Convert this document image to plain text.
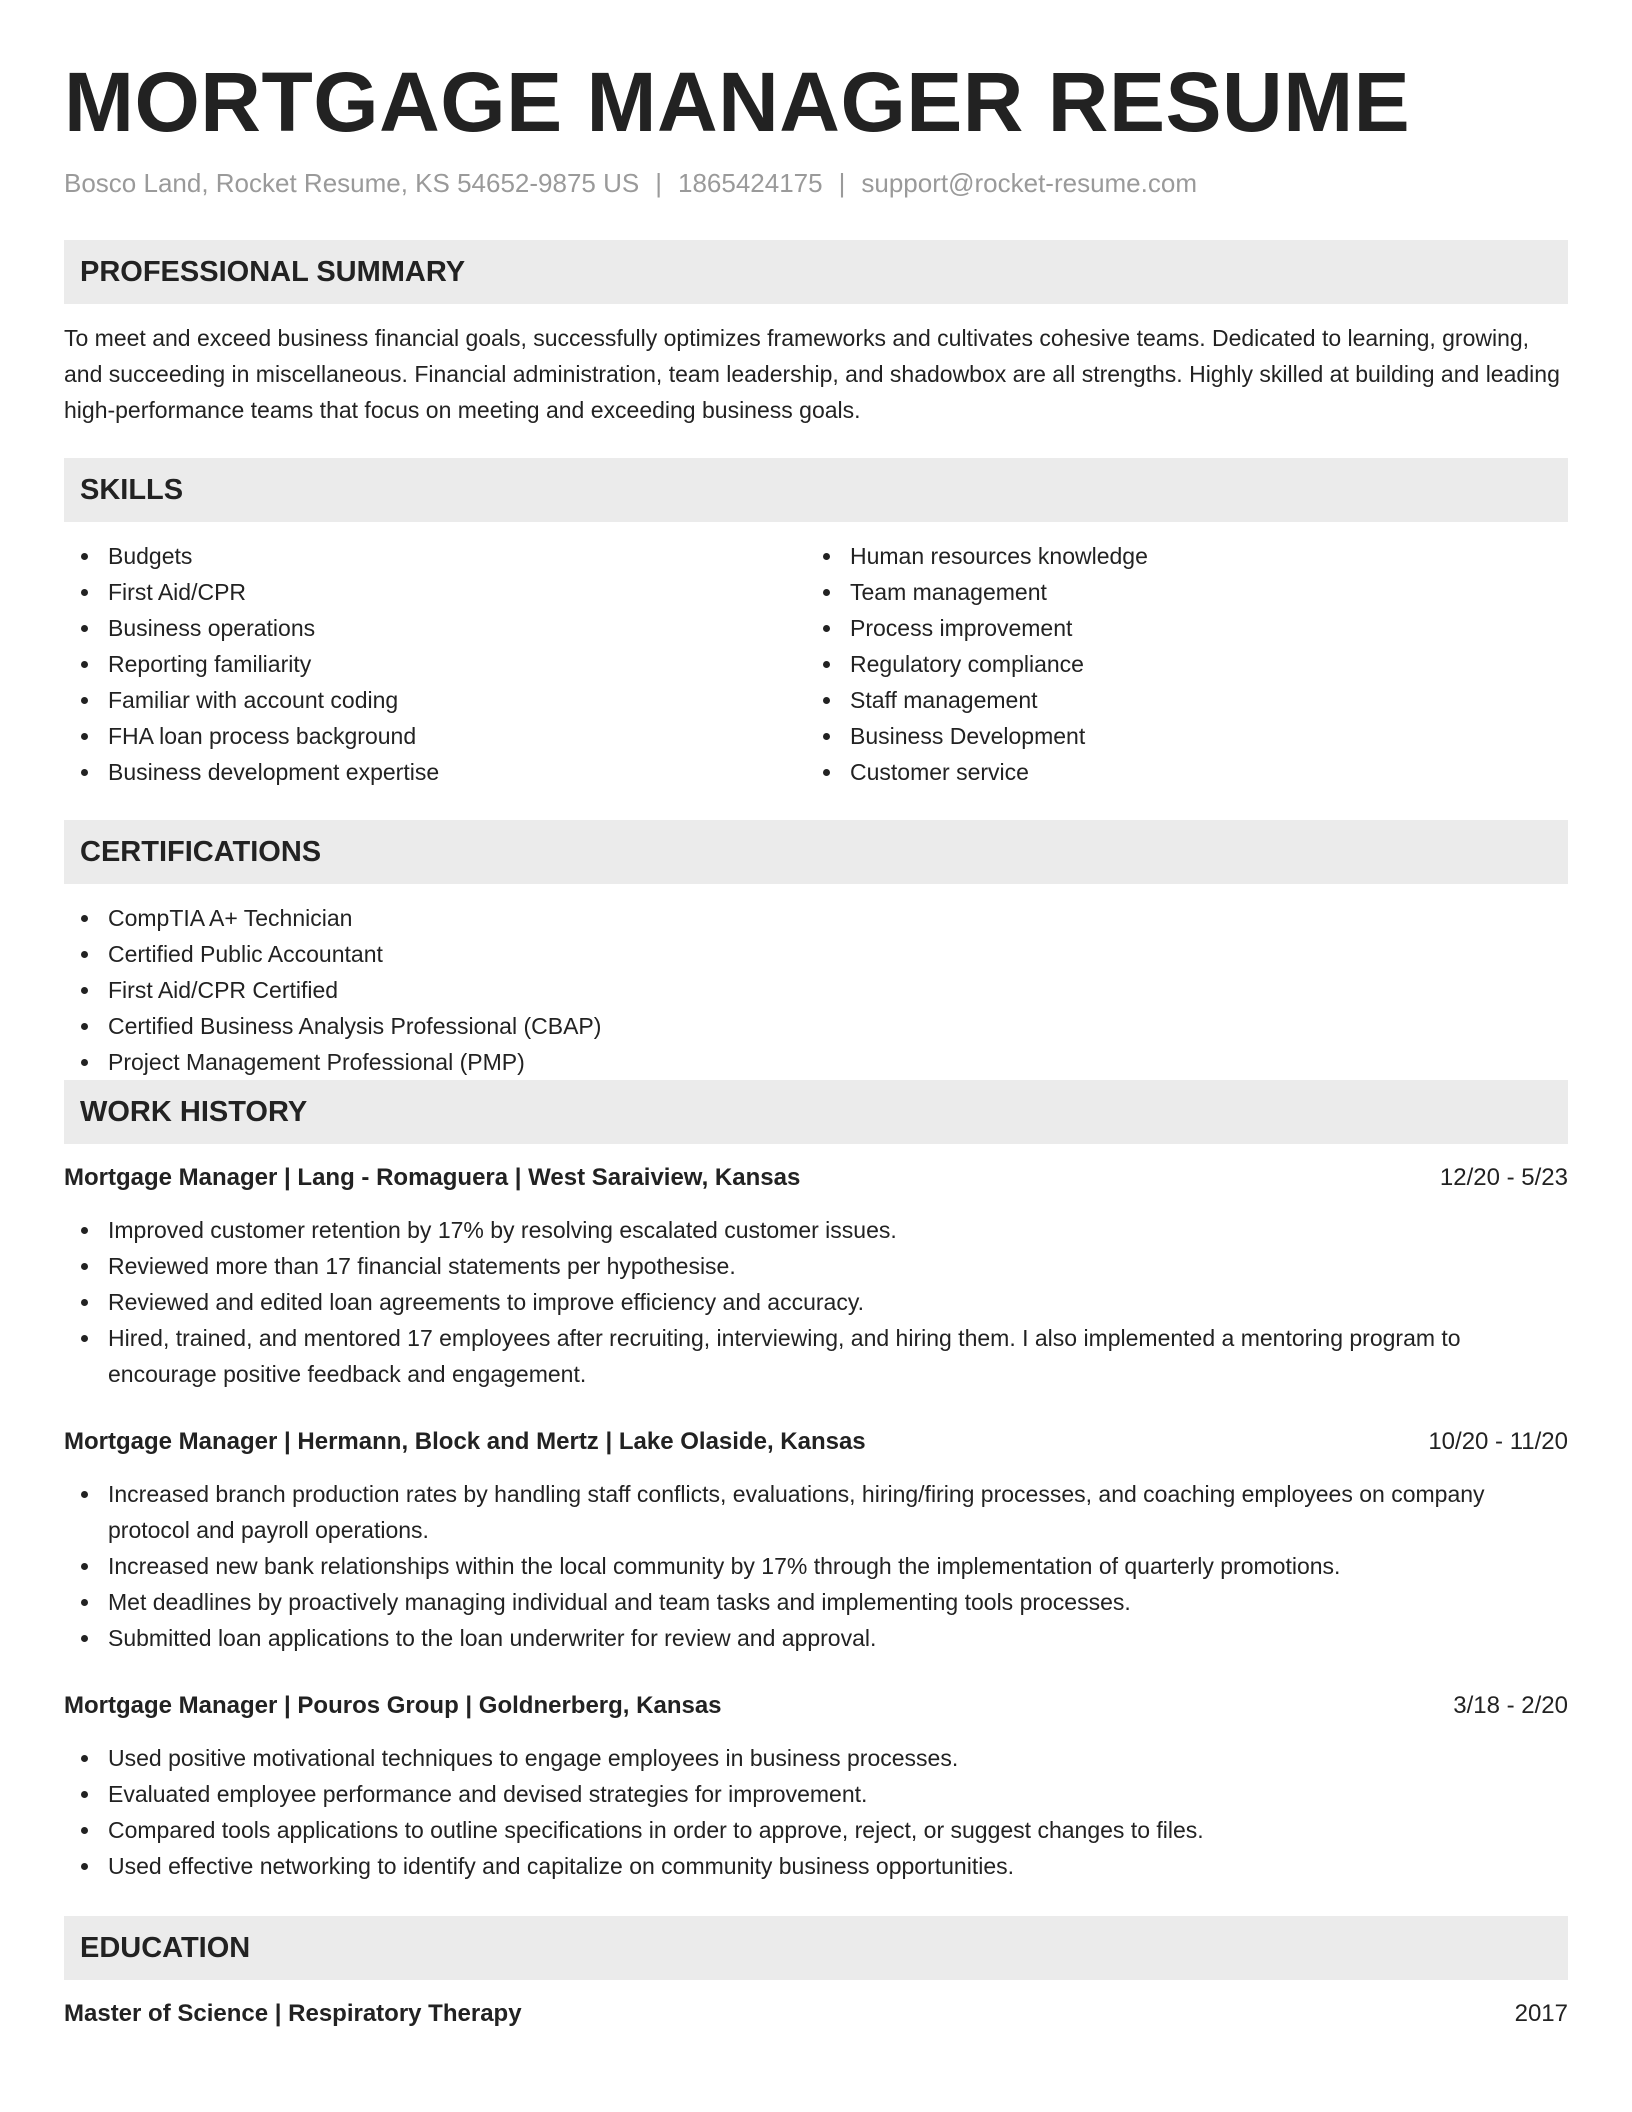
MORTGAGE MANAGER RESUME
Bosco Land, Rocket Resume, KS 54652-9875 US | 1865424175 | support@rocket-resume.com
PROFESSIONAL SUMMARY

To meet and exceed business financial goals, successfully optimizes frameworks and cultivates cohesive teams. Dedicated to learning, growing, and succeeding in miscellaneous. Financial administration, team leadership, and shadowbox are all strengths. Highly skilled at building and leading high-performance teams that focus on meeting and exceeding business goals.

SKILLS
Budgets
First Aid/CPR
Business operations
Reporting familiarity
Familiar with account coding
FHA loan process background
Business development expertise
Human resources knowledge
Team management
Process improvement
Regulatory compliance
Staff management
Business Development
Customer service
CERTIFICATIONS
CompTIA A+ Technician
Certified Public Accountant
First Aid/CPR Certified
Certified Business Analysis Professional (CBAP)
Project Management Professional (PMP)
WORK HISTORY
Mortgage Manager | Lang - Romaguera | West Saraiview, Kansas	12/20 - 5/23
Improved customer retention by 17% by resolving escalated customer issues.
Reviewed more than 17 financial statements per hypothesise.
Reviewed and edited loan agreements to improve efficiency and accuracy.
Hired, trained, and mentored 17 employees after recruiting, interviewing, and hiring them. I also implemented a mentoring program to encourage positive feedback and engagement.
Mortgage Manager | Hermann, Block and Mertz | Lake Olaside, Kansas	10/20 - 11/20
Increased branch production rates by handling staff conflicts, evaluations, hiring/firing processes, and coaching employees on company protocol and payroll operations.
Increased new bank relationships within the local community by 17% through the implementation of quarterly promotions.
Met deadlines by proactively managing individual and team tasks and implementing tools processes.
Submitted loan applications to the loan underwriter for review and approval.
Mortgage Manager | Pouros Group | Goldnerberg, Kansas	3/18 - 2/20
Used positive motivational techniques to engage employees in business processes.
Evaluated employee performance and devised strategies for improvement.
Compared tools applications to outline specifications in order to approve, reject, or suggest changes to files.
Used effective networking to identify and capitalize on community business opportunities.
EDUCATION
Master of Science | Respiratory Therapy	2017
